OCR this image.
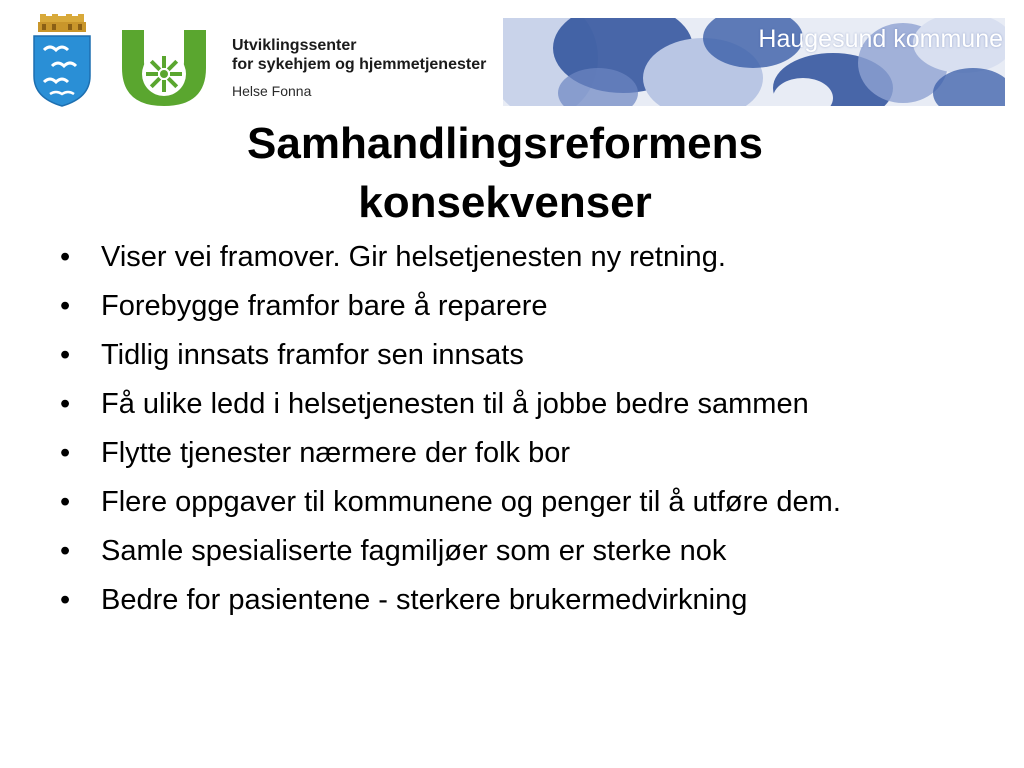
Utviklingssenter
for sykehjem og hjemmetjenester
Helse Fonna
Haugesund kommune
Samhandlingsreformens
konsekvenser
• Viser vei framover. Gir helsetjenesten ny retning.
• Forebygge framfor bare å reparere
• Tidlig innsats framfor sen innsats
• Få ulike ledd i helsetjenesten til å jobbe bedre sammen
• Flytte tjenester nærmere der folk bor
• Flere oppgaver til kommunene og penger til å utføre dem.
• Samle spesialiserte fagmiljøer som er sterke nok
• Bedre for pasientene - sterkere brukermedvirkning
